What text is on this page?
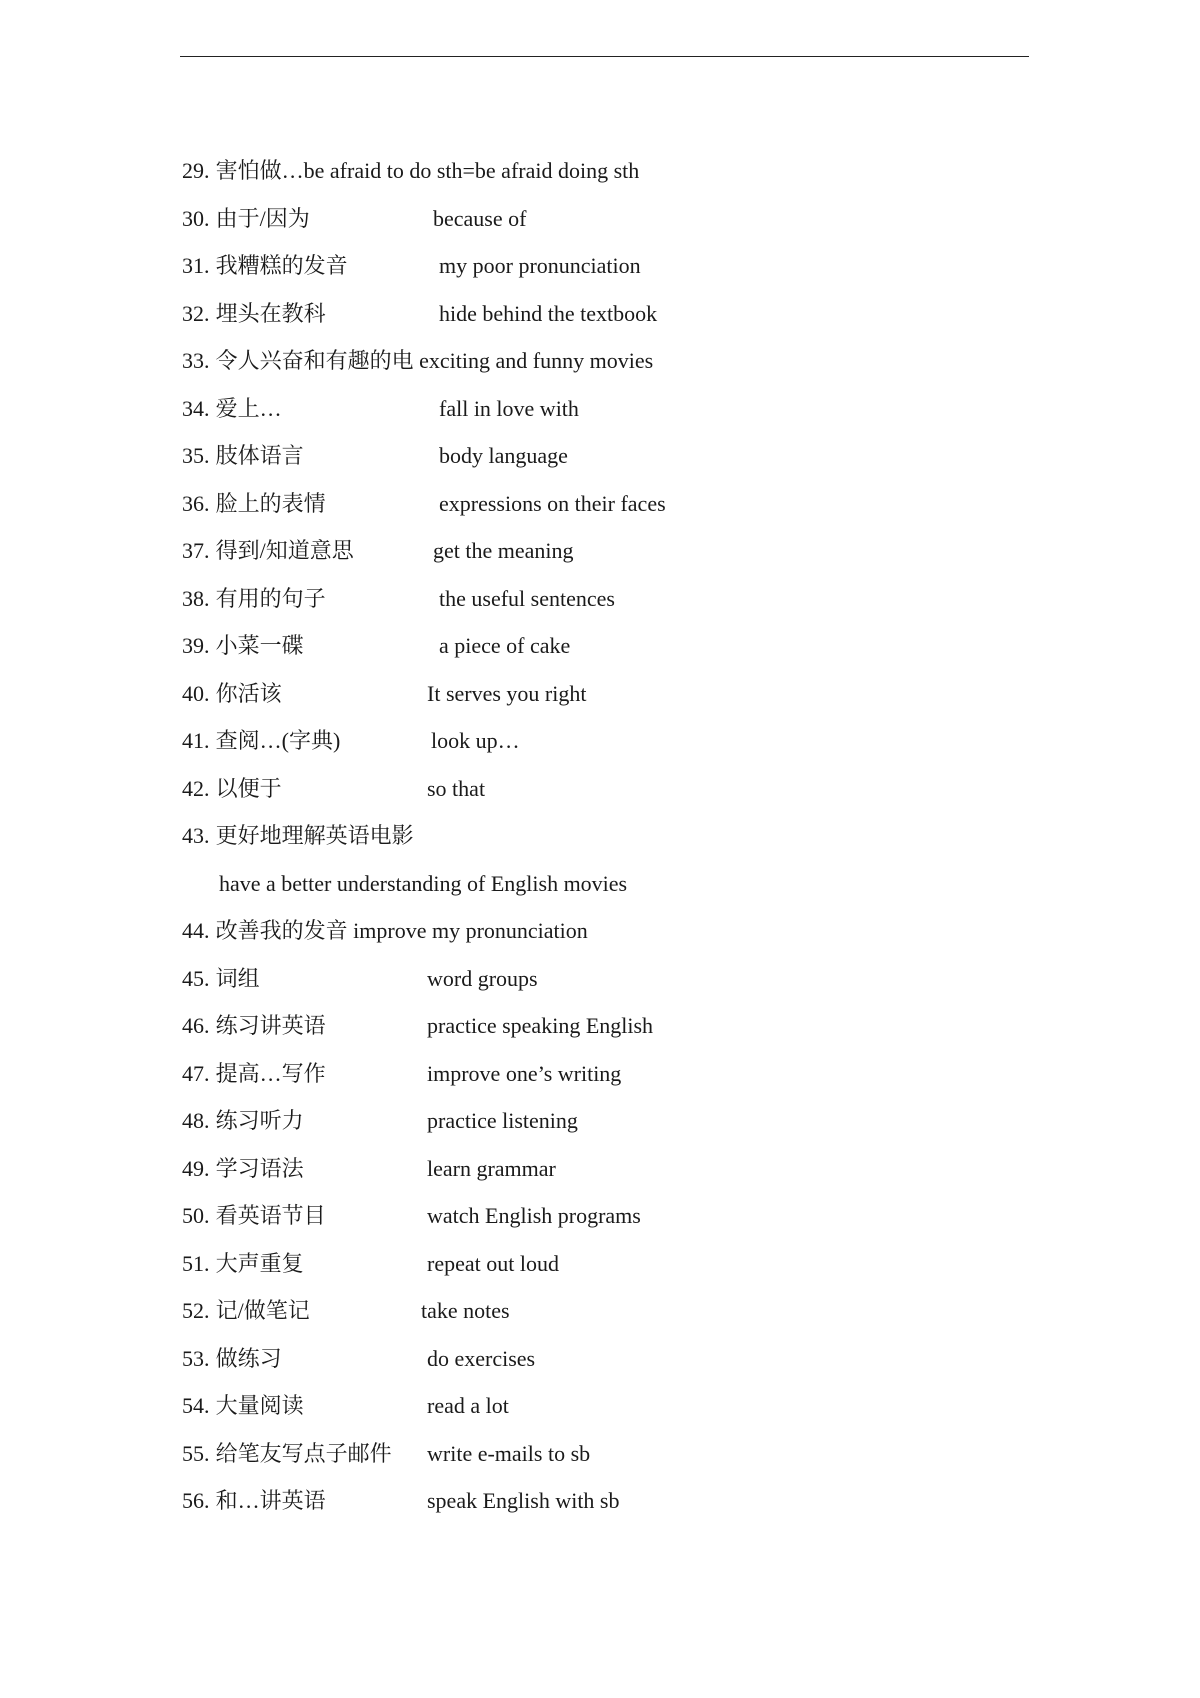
29. 害怕做…be afraid to do sth=be afraid doing sth
30. 由于/因为	because of
31. 我糟糕的发音	my poor pronunciation
32. 埋头在教科	hide behind the textbook
33. 令人兴奋和有趣的电 exciting and funny movies
34. 爱上…	fall in love with
35. 肢体语言	body language
36. 脸上的表情	expressions on their faces
37. 得到/知道意思	get the meaning
38. 有用的句子	the useful sentences
39. 小菜一碟	a piece of cake
40. 你活该	It serves you right
41. 查阅…(字典)	look up…
42. 以便于	so that
43. 更好地理解英语电影
have a better understanding of English movies
44. 改善我的发音 improve my pronunciation
45. 词组	word groups
46. 练习讲英语	practice speaking English
47. 提高…写作	improve one’s writing
48. 练习听力	practice listening
49. 学习语法	learn grammar
50. 看英语节目	watch English programs
51. 大声重复	repeat out loud
52. 记/做笔记	take notes
53. 做练习	do exercises
54. 大量阅读	read a lot
55. 给笔友写点子邮件 write e-mails to sb
56. 和…讲英语	speak English with sb
